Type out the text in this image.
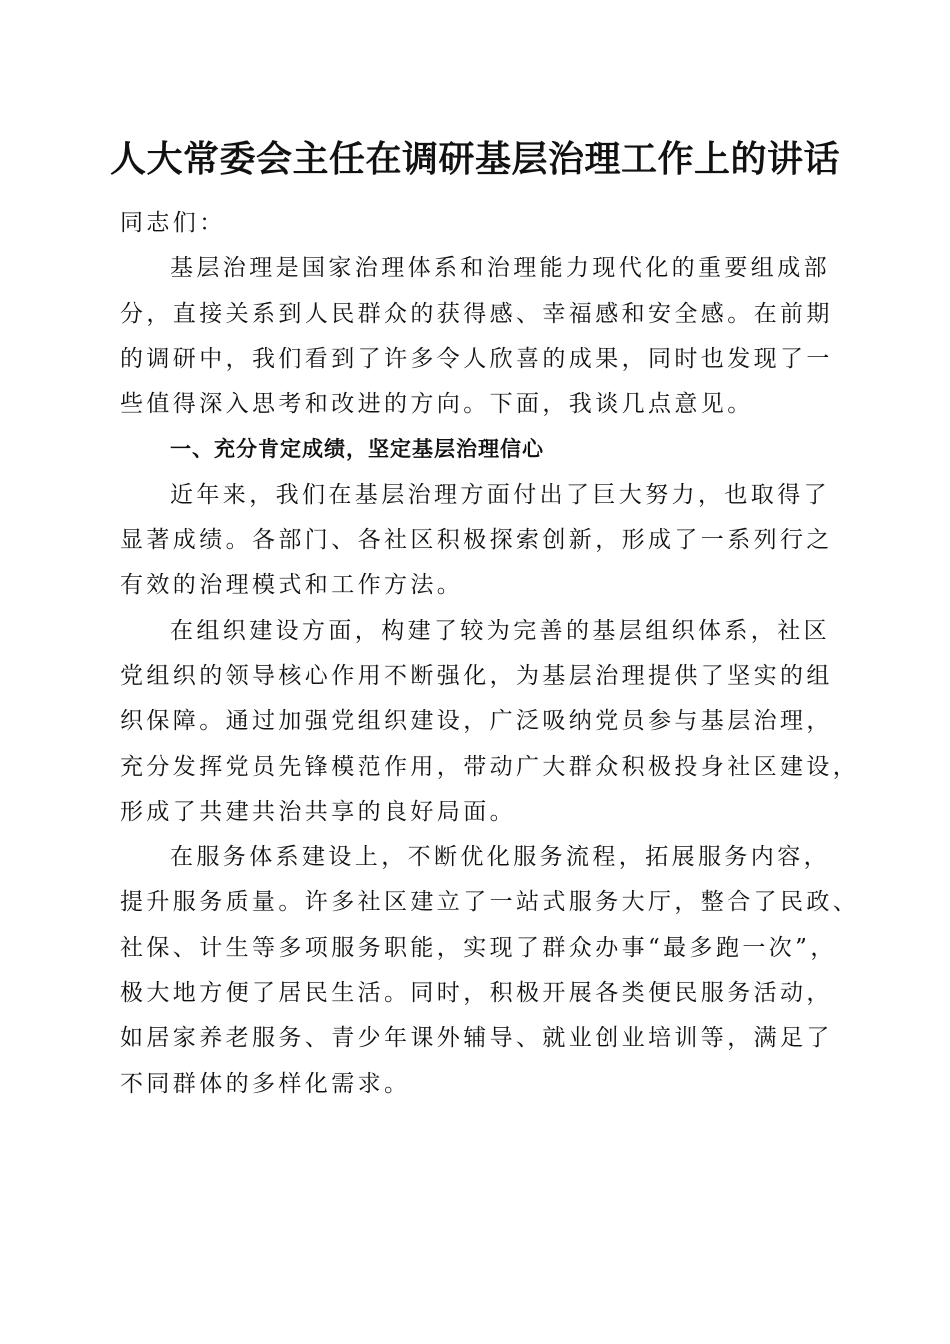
人大常委会主任在调研基层治理工作上的讲话

同志们：

基层治理是国家治理体系和治理能力现代化的重要组成部
分，直接关系到人民群众的获得感、幸福感和安全感。在前期
的调研中，我们看到了许多令人欣喜的成果，同时也发现了一
些值得深入思考和改进的方向。下面，我谈几点意见。

一、充分肯定成绩，坚定基层治理信心

近年来，我们在基层治理方面付出了巨大努力，也取得了
显著成绩。各部门、各社区积极探索创新，形成了一系列行之
有效的治理模式和工作方法。

在组织建设方面，构建了较为完善的基层组织体系，社区
党组织的领导核心作用不断强化，为基层治理提供了坚实的组
织保障。通过加强党组织建设，广泛吸纳党员参与基层治理，
充分发挥党员先锋模范作用，带动广大群众积极投身社区建设，
形成了共建共治共享的良好局面。

在服务体系建设上，不断优化服务流程，拓展服务内容，
提升服务质量。许多社区建立了一站式服务大厅，整合了民政、
社保、计生等多项服务职能，实现了群众办事“最多跑一次”，
极大地方便了居民生活。同时，积极开展各类便民服务活动，
如居家养老服务、青少年课外辅导、就业创业培训等，满足了
不同群体的多样化需求。
